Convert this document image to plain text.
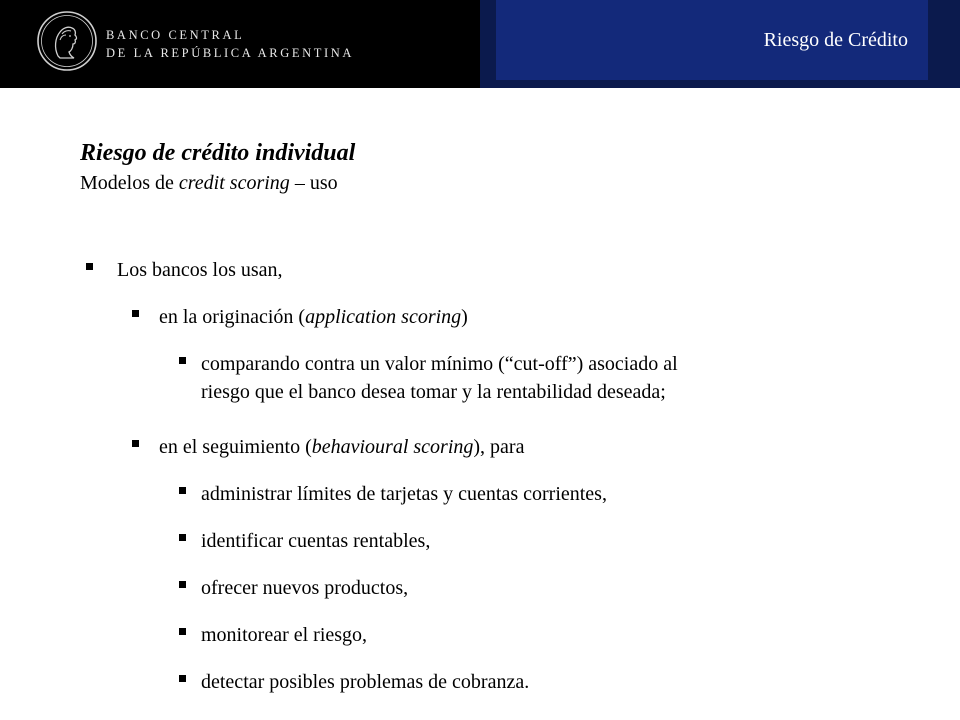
BANCO CENTRAL
DE LA REPÚBLICA ARGENTINA
Riesgo de Crédito
Riesgo de crédito individual
Modelos de credit scoring – uso
Los bancos los usan,
en la originación (application scoring)
comparando contra un valor mínimo (“cut-off”) asociado al
riesgo que el banco desea tomar y la rentabilidad deseada;
en el seguimiento (behavioural scoring), para
administrar límites de tarjetas y cuentas corrientes,
identificar cuentas rentables,
ofrecer nuevos productos,
monitorear el riesgo,
detectar posibles problemas de cobranza.
